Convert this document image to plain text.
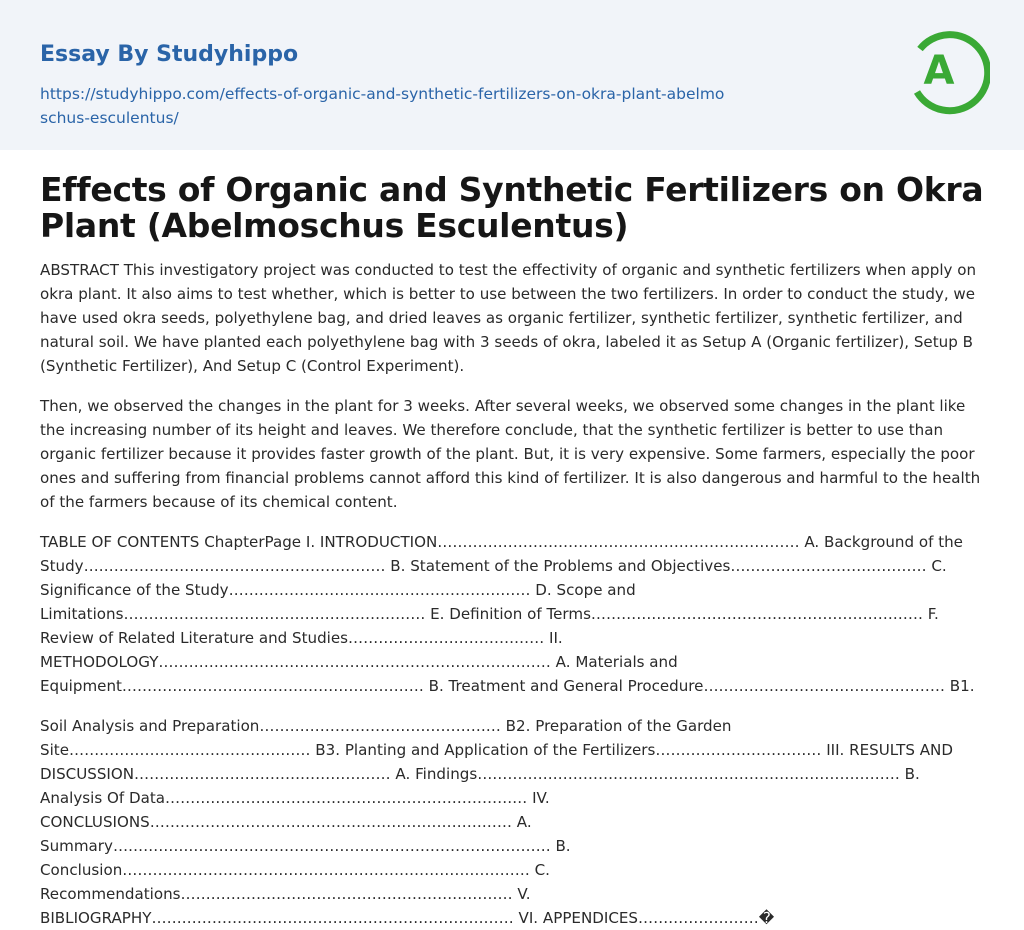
Essay By Studyhippo
https://studyhippo.com/effects-of-organic-and-synthetic-fertilizers-on-okra-plant-abelmoschus-esculentus/
A
Effects of Organic and Synthetic Fertilizers on Okra Plant (Abelmoschus Esculentus)

ABSTRACT This investigatory project was conducted to test the effectivity of organic and synthetic fertilizers when apply on okra plant. It also aims to test whether, which is better to use between the two fertilizers. In order to conduct the study, we have used okra seeds, polyethylene bag, and dried leaves as organic fertilizer, synthetic fertilizer, synthetic fertilizer, and natural soil. We have planted each polyethylene bag with 3 seeds of okra, labeled it as Setup A (Organic fertilizer), Setup B (Synthetic Fertilizer), And Setup C (Control Experiment).

Then, we observed the changes in the plant for 3 weeks. After several weeks, we observed some changes in the plant like the increasing number of its height and leaves. We therefore conclude, that the synthetic fertilizer is better to use than organic fertilizer because it provides faster growth of the plant. But, it is very expensive. Some farmers, especially the poor ones and suffering from financial problems cannot afford this kind of fertilizer. It is also dangerous and harmful to the health of the farmers because of its chemical content.

TABLE OF CONTENTS ChapterPage I. INTRODUCTION……………………………………………………………… A. Background of the Study…………………………………………………… B. Statement of the Problems and Objectives………………………………… C. Significance of the Study…………………………………………………… D. Scope and Limitations…………………………………………………… E. Definition of Terms………………………………………………………… F. Review of Related Literature and Studies………………………………… II. METHODOLOGY…………………………………………………………………… A. Materials and Equipment…………………………………………………… B. Treatment and General Procedure………………………………………… B1.

Soil Analysis and Preparation………………………………………… B2. Preparation of the Garden Site………………………………………… B3. Planting and Application of the Fertilizers…………………………… III. RESULTS AND DISCUSSION…………………………………………… A. Findings………………………………………………………………………… B. Analysis Of Data……………………………………………………………… IV. CONCLUSIONS……………………………………………………………… A. Summary…………………………………………………………………………… B. Conclusion……………………………………………………………………… C. Recommendations………………………………………………………… V. BIBLIOGRAPHY……………………………………………………………… VI. APPENDICES……………………�
